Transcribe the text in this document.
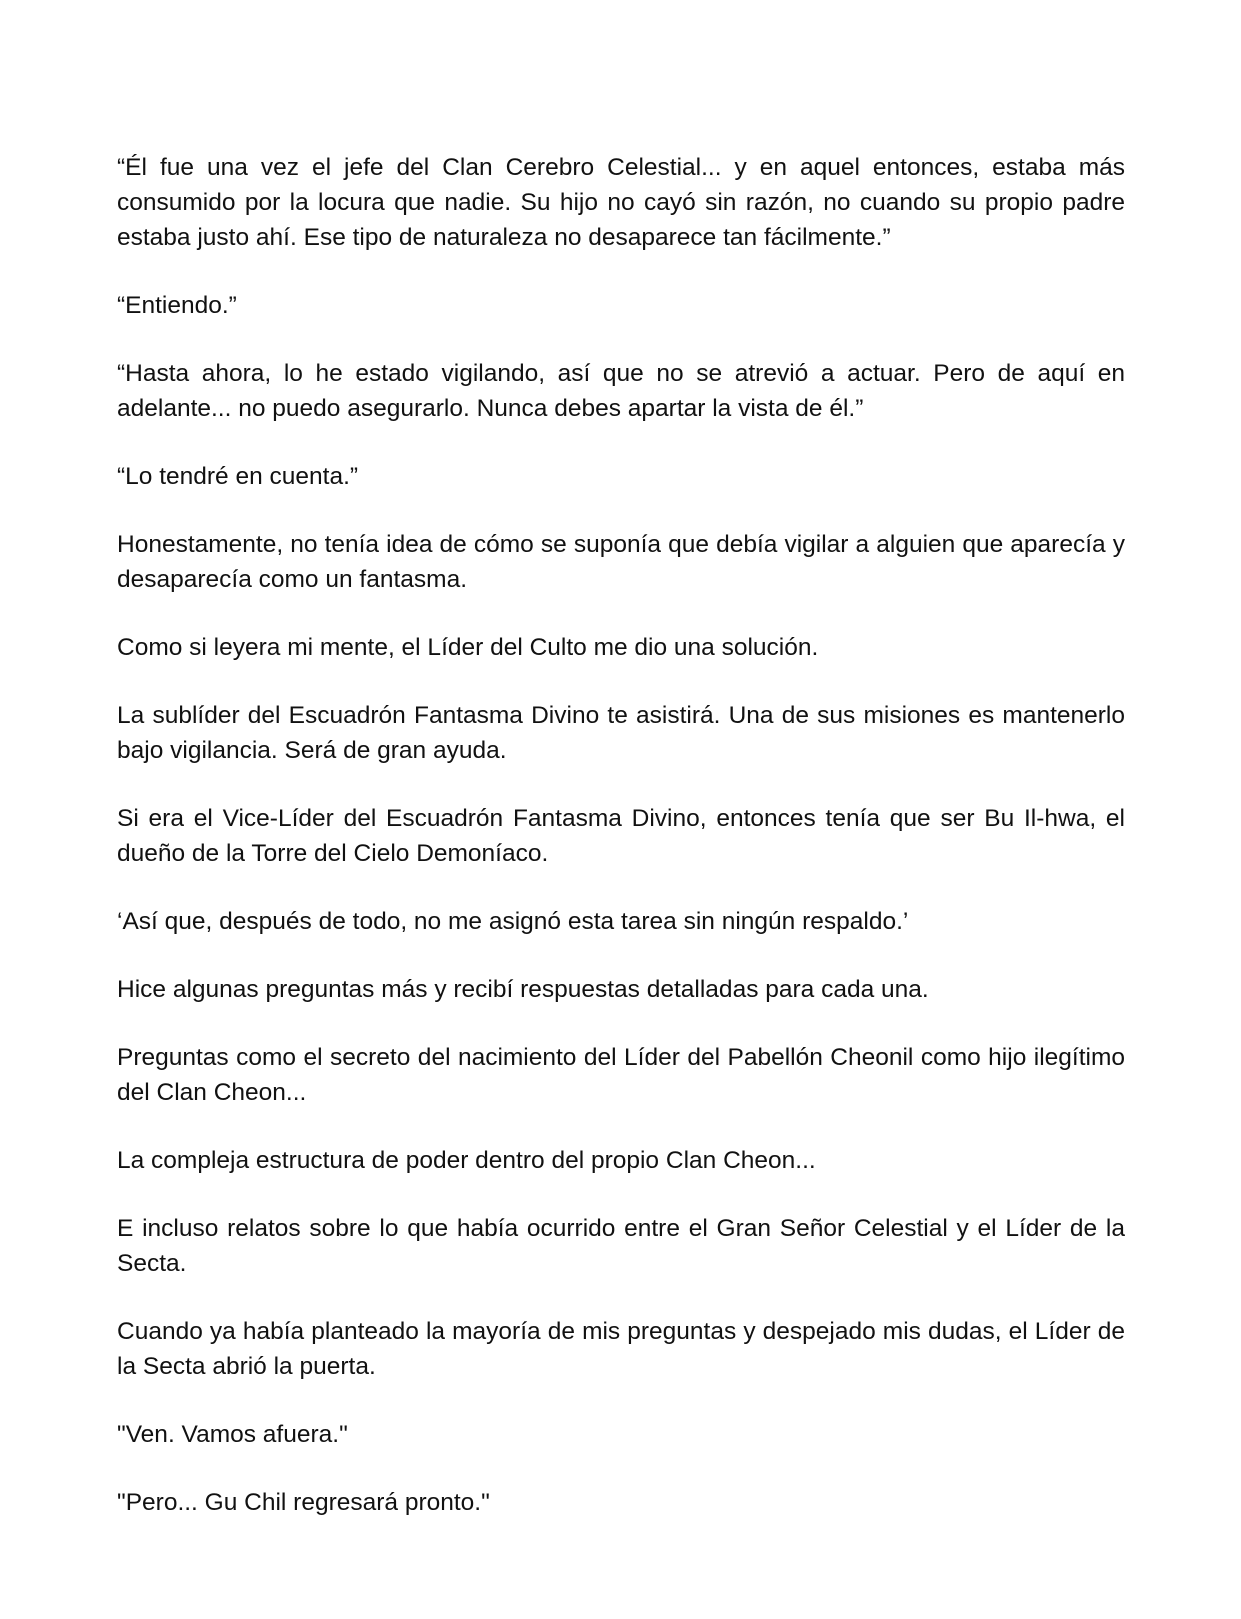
“Él fue una vez el jefe del Clan Cerebro Celestial... y en aquel entonces, estaba más consumido por la locura que nadie. Su hijo no cayó sin razón, no cuando su propio padre estaba justo ahí. Ese tipo de naturaleza no desaparece tan fácilmente.”

“Entiendo.”

“Hasta ahora, lo he estado vigilando, así que no se atrevió a actuar. Pero de aquí en adelante... no puedo asegurarlo. Nunca debes apartar la vista de él.”

“Lo tendré en cuenta.”

Honestamente, no tenía idea de cómo se suponía que debía vigilar a alguien que aparecía y desaparecía como un fantasma.

Como si leyera mi mente, el Líder del Culto me dio una solución.

La sublíder del Escuadrón Fantasma Divino te asistirá. Una de sus misiones es mantenerlo bajo vigilancia. Será de gran ayuda.

Si era el Vice-Líder del Escuadrón Fantasma Divino, entonces tenía que ser Bu Il-hwa, el dueño de la Torre del Cielo Demoníaco.

‘Así que, después de todo, no me asignó esta tarea sin ningún respaldo.’

Hice algunas preguntas más y recibí respuestas detalladas para cada una.

Preguntas como el secreto del nacimiento del Líder del Pabellón Cheonil como hijo ilegítimo del Clan Cheon...

La compleja estructura de poder dentro del propio Clan Cheon...

E incluso relatos sobre lo que había ocurrido entre el Gran Señor Celestial y el Líder de la Secta.

Cuando ya había planteado la mayoría de mis preguntas y despejado mis dudas, el Líder de la Secta abrió la puerta.

"Ven. Vamos afuera."

"Pero... Gu Chil regresará pronto."
